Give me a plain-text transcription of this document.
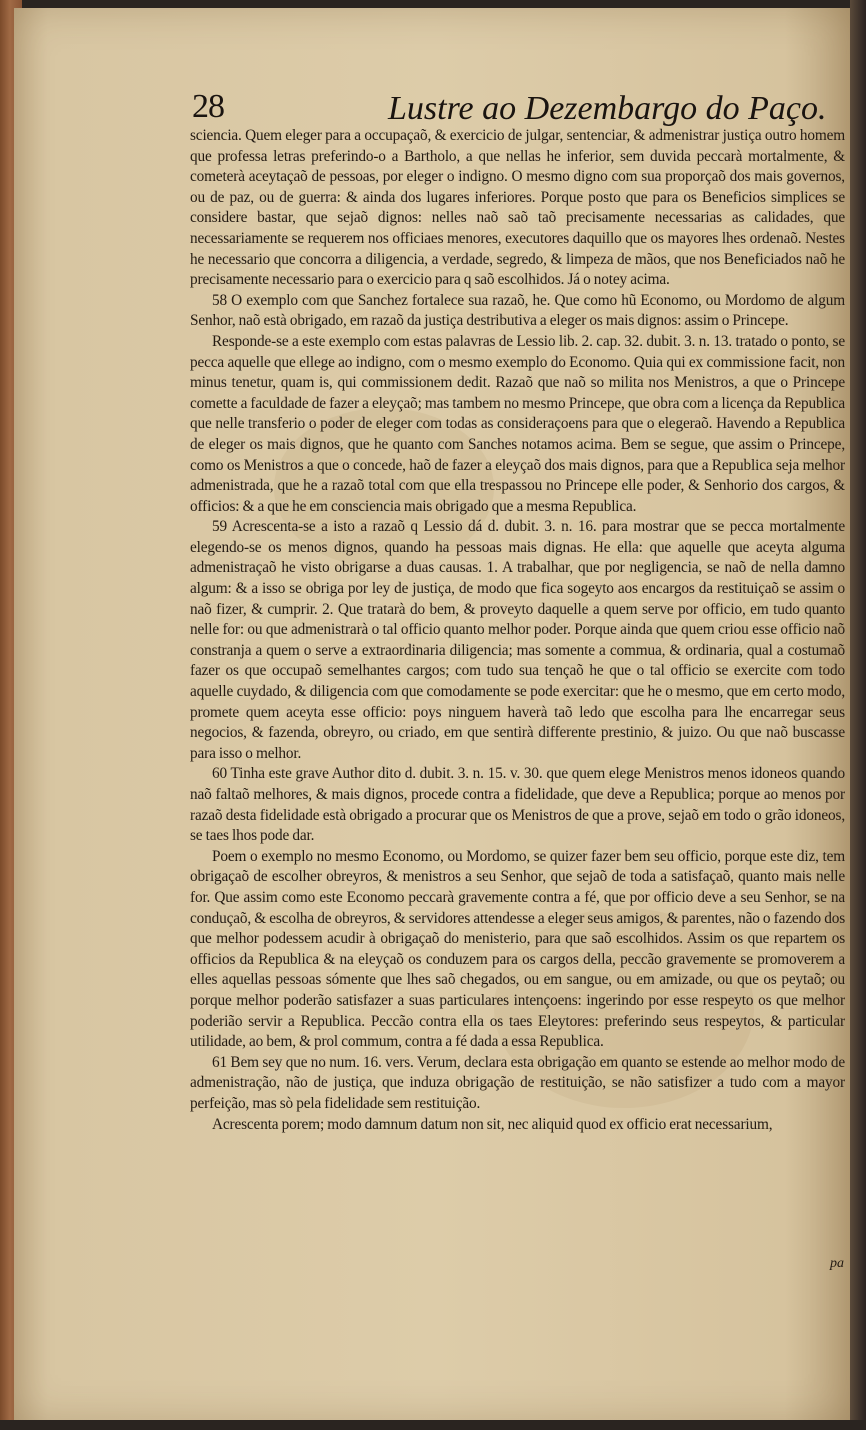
28	Lustre ao Dezembargo do Paço.

sciencia. Quem eleger para a occupaçaõ, & exercicio de julgar, sentenciar, & admenistrar justiça outro homem que professa letras preferindo-o a Bartholo, a que nellas he inferior, sem duvida peccarà mortalmente, & cometerà aceytaçaõ de pessoas, por eleger o indigno. O mesmo digno com sua proporçaõ dos mais governos, ou de paz, ou de guerra: & ainda dos lugares inferiores. Porque posto que para os Beneficios simplices se considere bastar, que sejaõ dignos: nelles naõ saõ taõ precisamente necessarias as calidades, que necessariamente se requerem nos officiaes menores, executores daquillo que os mayores lhes ordenaõ. Nestes he necessario que concorra a diligencia, a verdade, segredo, & limpeza de mãos, que nos Beneficiados naõ he precisamente necessario para o exercicio para q saõ escolhidos. Já o notey acima.

58 O exemplo com que Sanchez fortalece sua razaõ, he. Que como hũ Economo, ou Mordomo de algum Senhor, naõ està obrigado, em razaõ da justiça destributiva a eleger os mais dignos: assim o Princepe.

Responde-se a este exemplo com estas palavras de Lessio lib. 2. cap. 32. dubit. 3. n. 13. tratado o ponto, se pecca aquelle que ellege ao indigno, com o mesmo exemplo do Economo. Quia qui ex commissione facit, non minus tenetur, quam is, qui commissionem dedit. Razaõ que naõ so milita nos Menistros, a que o Princepe comette a faculdade de fazer a eleyçaõ; mas tambem no mesmo Princepe, que obra com a licença da Republica que nelle transferio o poder de eleger com todas as consideraçoens para que o elegeraõ. Havendo a Republica de eleger os mais dignos, que he quanto com Sanches notamos acima. Bem se segue, que assim o Princepe, como os Menistros a que o concede, haõ de fazer a eleyçaõ dos mais dignos, para que a Republica seja melhor admenistrada, que he a razaõ total com que ella trespassou no Princepe elle poder, & Senhorio dos cargos, & officios: & a que he em consciencia mais obrigado que a mesma Republica.

59 Acrescenta-se a isto a razaõ q Lessio dá d. dubit. 3. n. 16. para mostrar que se pecca mortalmente elegendo-se os menos dignos, quando ha pessoas mais dignas. He ella: que aquelle que aceyta alguma admenistraçaõ he visto obrigarse a duas causas. 1. A trabalhar, que por negligencia, se naõ de nella damno algum: & a isso se obriga por ley de justiça, de modo que fica sogeyto aos encargos da restituiçaõ se assim o naõ fizer, & cumprir. 2. Que tratarà do bem, & proveyto daquelle a quem serve por officio, em tudo quanto nelle for: ou que admenistrarà o tal officio quanto melhor poder. Porque ainda que quem criou esse officio naõ constranja a quem o serve a extraordinaria diligencia; mas somente a commua, & ordinaria, qual a costumaõ fazer os que occupaõ semelhantes cargos; com tudo sua tençaõ he que o tal officio se exercite com todo aquelle cuydado, & diligencia com que comodamente se pode exercitar: que he o mesmo, que em certo modo, promete quem aceyta esse officio: poys ninguem haverà taõ ledo que escolha para lhe encarregar seus negocios, & fazenda, obreyro, ou criado, em que sentirà differente prestinio, & juizo. Ou que naõ buscasse para isso o melhor.

60 Tinha este grave Author dito d. dubit. 3. n. 15. v. 30. que quem elege Menistros menos idoneos quando naõ faltaõ melhores, & mais dignos, procede contra a fidelidade, que deve a Republica; porque ao menos por razaõ desta fidelidade està obrigado a procurar que os Menistros de que a prove, sejaõ em todo o grão idoneos, se taes lhos pode dar.

Poem o exemplo no mesmo Economo, ou Mordomo, se quizer fazer bem seu officio, porque este diz, tem obrigaçaõ de escolher obreyros, & menistros a seu Senhor, que sejaõ de toda a satisfaçaõ, quanto mais nelle for. Que assim como este Economo peccarà gravemente contra a fé, que por officio deve a seu Senhor, se na conduçaõ, & escolha de obreyros, & servidores attendesse a eleger seus amigos, & parentes, não o fazendo dos que melhor podessem acudir à obrigaçaõ do menisterio, para que saõ escolhidos. Assim os que repartem os officios da Republica & na eleyçaõ os conduzem para os cargos della, peccão gravemente se promoverem a elles aquellas pessoas sómente que lhes saõ chegados, ou em sangue, ou em amizade, ou que os peytaõ; ou porque melhor poderão satisfazer a suas particulares intençoens: ingerindo por esse respeyto os que melhor poderião servir a Republica. Peccão contra ella os taes Eleytores: preferindo seus respeytos, & particular utilidade, ao bem, & prol commum, contra a fé dada a essa Republica.

61 Bem sey que no num. 16. vers. Verum, declara esta obrigação em quanto se estende ao melhor modo de admenistração, não de justiça, que induza obrigação de restituição, se não satisfizer a tudo com a mayor perfeição, mas sò pela fidelidade sem restituição.

Acrescenta porem; modo damnum datum non sit, nec aliquid quod ex officio erat necessarium,

pa
